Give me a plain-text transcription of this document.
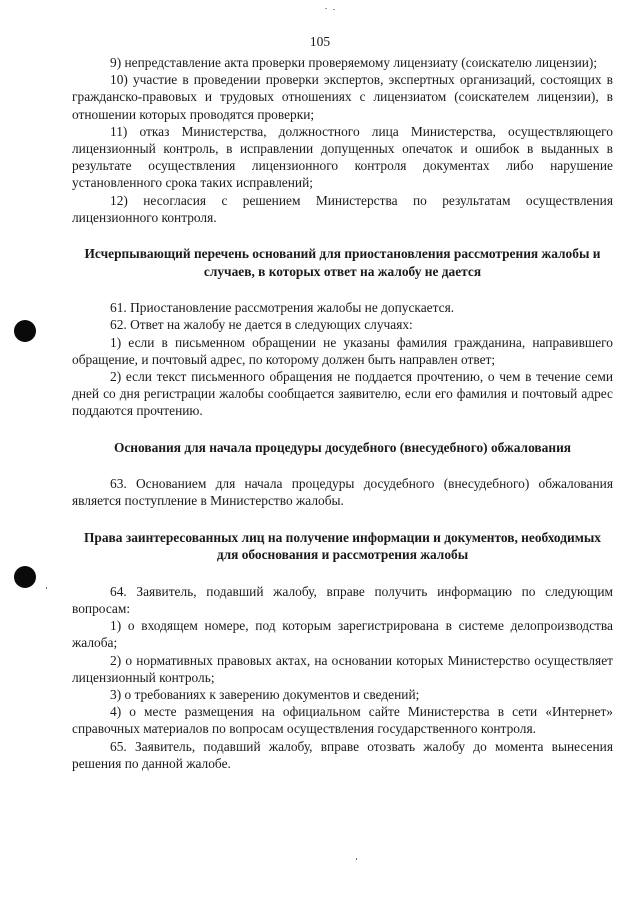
105

9) непредставление акта проверки проверяемому лицензиату (соискателю лицензии);

10) участие в проведении проверки экспертов, экспертных организаций, состоящих в гражданско-правовых и трудовых отношениях с лицензиатом (соискателем лицензии), в отношении которых проводятся проверки;

11) отказ Министерства, должностного лица Министерства, осуществляющего лицензионный контроль, в исправлении допущенных опечаток и ошибок в выданных в результате осуществления лицензионного контроля документах либо нарушение установленного срока таких исправлений;

12) несогласия с решением Министерства по результатам осуществления лицензионного контроля.

Исчерпывающий перечень оснований для приостановления рассмотрения жалобы и случаев, в которых ответ на жалобу не дается

61. Приостановление рассмотрения жалобы не допускается.

62. Ответ на жалобу не дается в следующих случаях:

1) если в письменном обращении не указаны фамилия гражданина, направившего обращение, и почтовый адрес, по которому должен быть направлен ответ;

2) если текст письменного обращения не поддается прочтению, о чем в течение семи дней со дня регистрации жалобы сообщается заявителю, если его фамилия и почтовый адрес поддаются прочтению.

Основания для начала процедуры досудебного (внесудебного) обжалования

63. Основанием для начала процедуры досудебного (внесудебного) обжалования является поступление в Министерство жалобы.

Права заинтересованных лиц на получение информации и документов, необходимых для обоснования и рассмотрения жалобы

64. Заявитель, подавший жалобу, вправе получить информацию по следующим вопросам:

1) о входящем номере, под которым зарегистрирована в системе делопроизводства жалоба;

2) о нормативных правовых актах, на основании которых Министерство осуществляет лицензионный контроль;

3) о требованиях к заверению документов и сведений;

4) о месте размещения на официальном сайте Министерства в сети «Интернет» справочных материалов по вопросам осуществления государственного контроля.

65. Заявитель, подавший жалобу, вправе отозвать жалобу до момента вынесения решения по данной жалобе.
